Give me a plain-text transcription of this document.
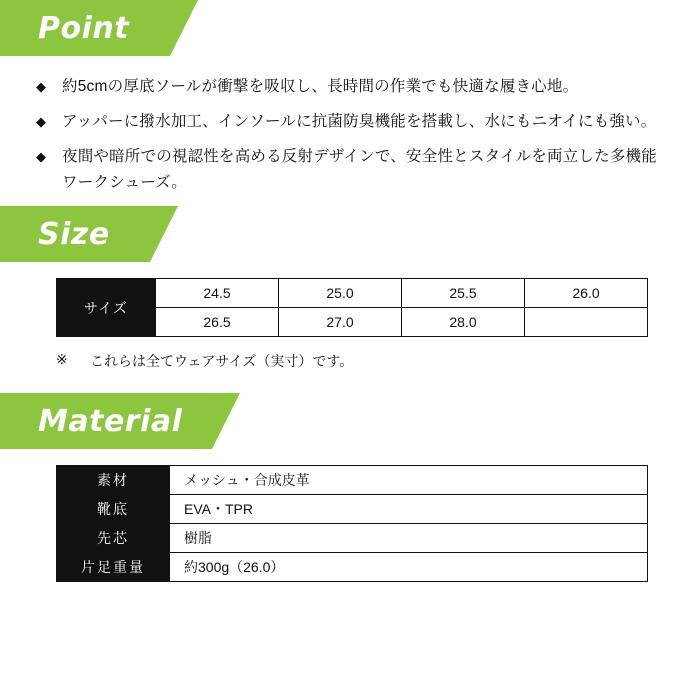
Point
◆	約5cmの厚底ソールが衝撃を吸収し、長時間の作業でも快適な履き心地。
◆	アッパーに撥水加工、インソールに抗菌防臭機能を搭載し、水にもニオイにも強い。
◆	夜間や暗所での視認性を高める反射デザインで、安全性とスタイルを両立した多機能ワークシューズ。
Size
サイズ	24.5	25.0	25.5	26.0
	26.5	27.0	28.0	
※	これらは全てウェアサイズ（実寸）です。
Material
素材	メッシュ・合成皮革
靴底	EVA・TPR
先芯	樹脂
片足重量	約300g（26.0）
